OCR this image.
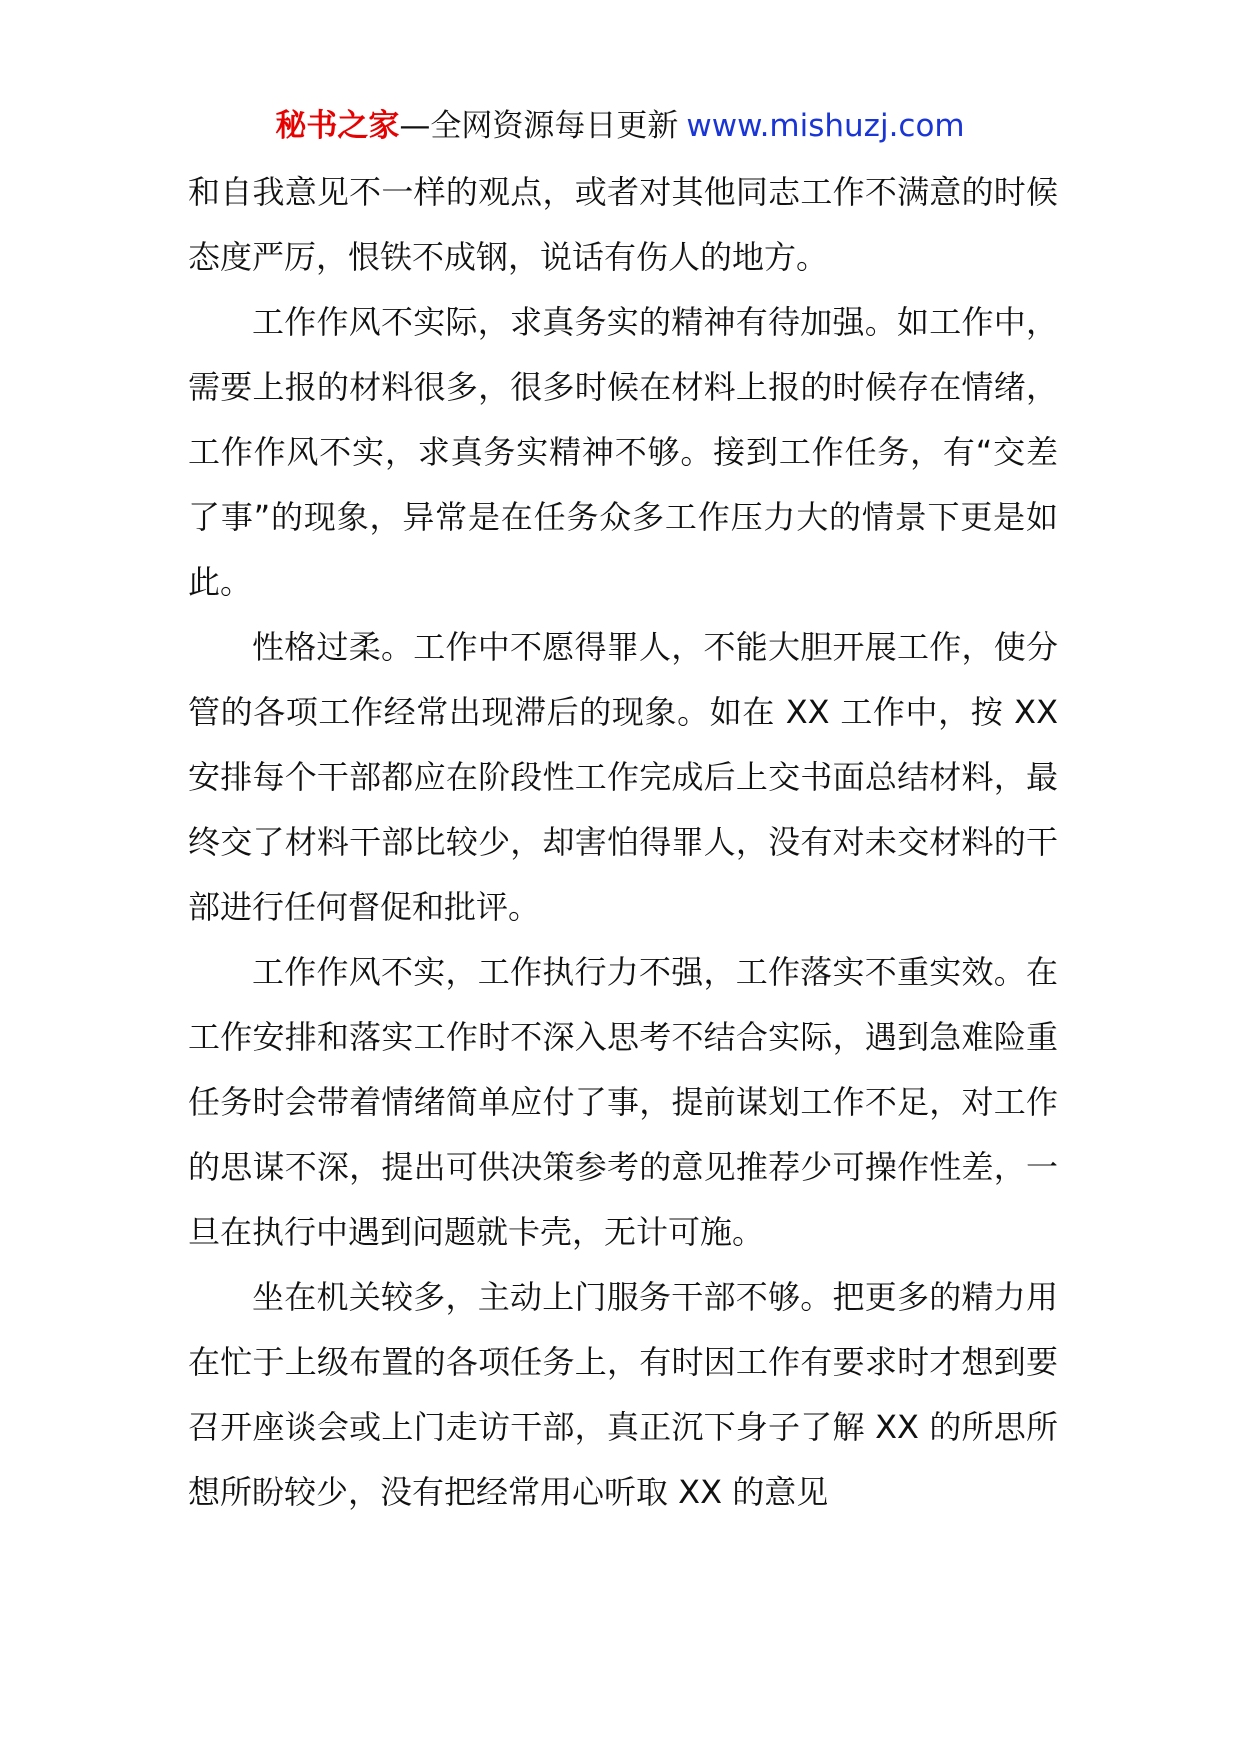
秘书之家—全网资源每日更新 www.mishuzj.com

和自我意见不一样的观点，或者对其他同志工作不满意的时候态度严厉，恨铁不成钢，说话有伤人的地方。

工作作风不实际，求真务实的精神有待加强。如工作中，需要上报的材料很多，很多时候在材料上报的时候存在情绪，工作作风不实，求真务实精神不够。接到工作任务，有“交差了事”的现象，异常是在任务众多工作压力大的情景下更是如此。

性格过柔。工作中不愿得罪人，不能大胆开展工作，使分管的各项工作经常出现滞后的现象。如在 XX 工作中，按 XX 安排每个干部都应在阶段性工作完成后上交书面总结材料，最终交了材料干部比较少，却害怕得罪人，没有对未交材料的干部进行任何督促和批评。

工作作风不实，工作执行力不强，工作落实不重实效。在工作安排和落实工作时不深入思考不结合实际，遇到急难险重任务时会带着情绪简单应付了事，提前谋划工作不足，对工作的思谋不深，提出可供决策参考的意见推荐少可操作性差，一旦在执行中遇到问题就卡壳，无计可施。

坐在机关较多，主动上门服务干部不够。把更多的精力用在忙于上级布置的各项任务上，有时因工作有要求时才想到要召开座谈会或上门走访干部，真正沉下身子了解 XX 的所思所想所盼较少，没有把经常用心听取 XX 的意见
